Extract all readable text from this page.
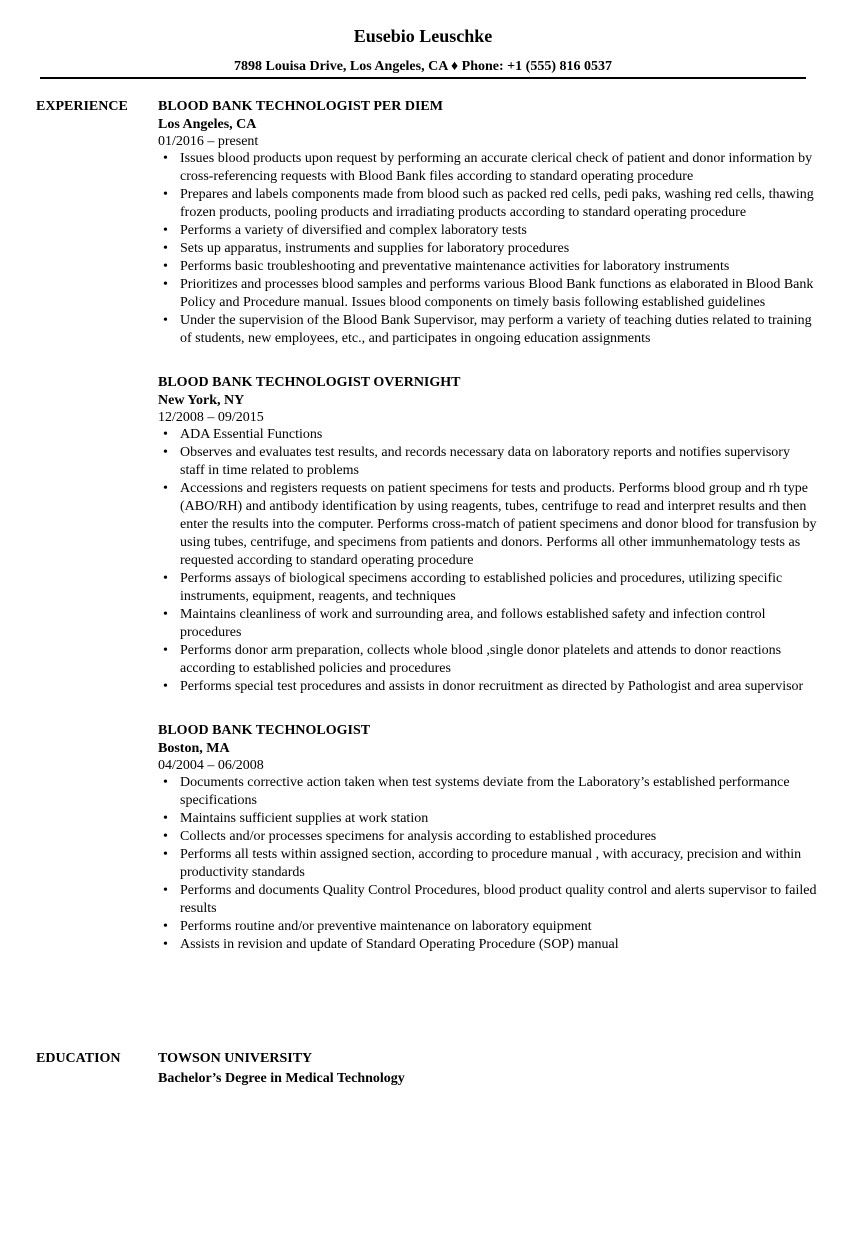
Eusebio Leuschke
7898 Louisa Drive, Los Angeles, CA ♦ Phone: +1 (555) 816 0537
EXPERIENCE BLOOD BANK TECHNOLOGIST PER DIEM
Los Angeles, CA
01/2016 – present
• Issues blood products upon request by performing an accurate clerical check of patient and donor information by cross-referencing requests with Blood Bank files according to standard operating procedure
• Prepares and labels components made from blood such as packed red cells, pedi paks, washing red cells, thawing frozen products, pooling products and irradiating products according to standard operating procedure
• Performs a variety of diversified and complex laboratory tests
• Sets up apparatus, instruments and supplies for laboratory procedures
• Performs basic troubleshooting and preventative maintenance activities for laboratory instruments
• Prioritizes and processes blood samples and performs various Blood Bank functions as elaborated in Blood Bank Policy and Procedure manual. Issues blood components on timely basis following established guidelines
• Under the supervision of the Blood Bank Supervisor, may perform a variety of teaching duties related to training of students, new employees, etc., and participates in ongoing education assignments
BLOOD BANK TECHNOLOGIST OVERNIGHT
New York, NY
12/2008 – 09/2015
• ADA Essential Functions
• Observes and evaluates test results, and records necessary data on laboratory reports and notifies supervisory staff in time related to problems
• Accessions and registers requests on patient specimens for tests and products. Performs blood group and rh type (ABO/RH) and antibody identification by using reagents, tubes, centrifuge to read and interpret results and then enter the results into the computer. Performs cross-match of patient specimens and donor blood for transfusion by using tubes, centrifuge, and specimens from patients and donors. Performs all other immunhematology tests as requested according to standard operating procedure
• Performs assays of biological specimens according to established policies and procedures, utilizing specific instruments, equipment, reagents, and techniques
• Maintains cleanliness of work and surrounding area, and follows established safety and infection control procedures
• Performs donor arm preparation, collects whole blood ,single donor platelets and attends to donor reactions according to established policies and procedures
• Performs special test procedures and assists in donor recruitment as directed by Pathologist and area supervisor
BLOOD BANK TECHNOLOGIST
Boston, MA
04/2004 – 06/2008
• Documents corrective action taken when test systems deviate from the Laboratory’s established performance specifications
• Maintains sufficient supplies at work station
• Collects and/or processes specimens for analysis according to established procedures
• Performs all tests within assigned section, according to procedure manual , with accuracy, precision and within productivity standards
• Performs and documents Quality Control Procedures, blood product quality control and alerts supervisor to failed results
• Performs routine and/or preventive maintenance on laboratory equipment
• Assists in revision and update of Standard Operating Procedure (SOP) manual
EDUCATION	TOWSON UNIVERSITY
Bachelor’s Degree in Medical Technology
